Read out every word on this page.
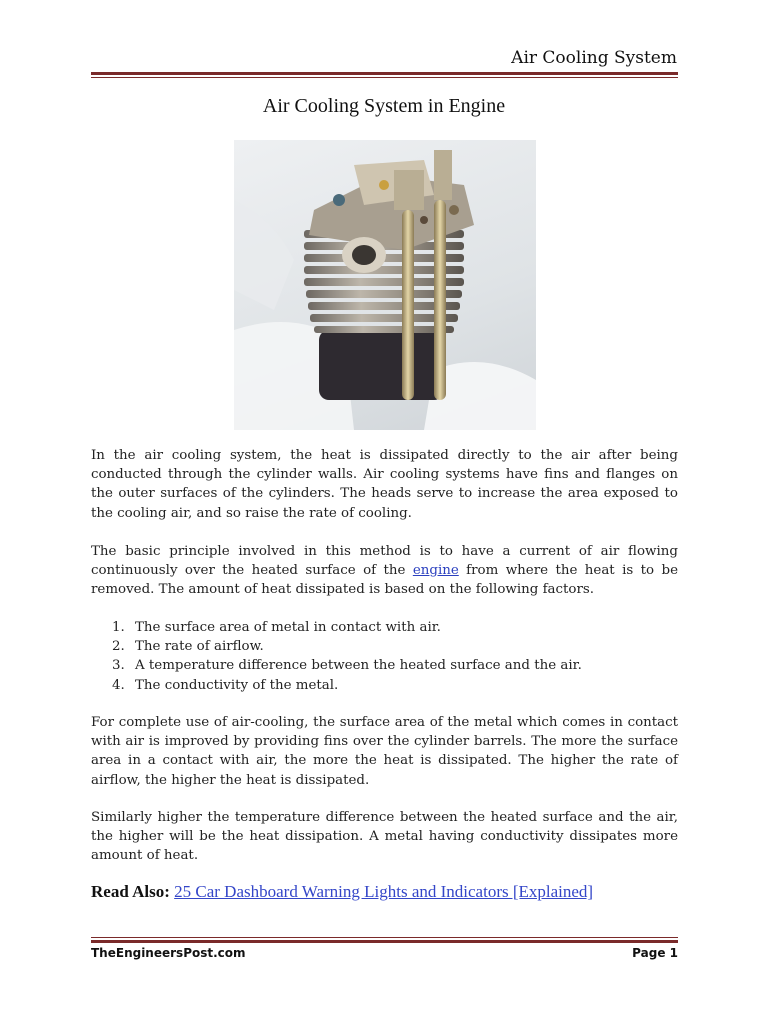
Air Cooling System
Air Cooling System in Engine

In the air cooling system, the heat is dissipated directly to the air after being conducted through the cylinder walls. Air cooling systems have fins and flanges on the outer surfaces of the cylinders. The heads serve to increase the area exposed to the cooling air, and so raise the rate of cooling.

The basic principle involved in this method is to have a current of air flowing continuously over the heated surface of the engine from where the heat is to be removed. The amount of heat dissipated is based on the following factors.

1. The surface area of metal in contact with air.
2. The rate of airflow.
3. A temperature difference between the heated surface and the air.
4. The conductivity of the metal.

For complete use of air-cooling, the surface area of the metal which comes in contact with air is improved by providing fins over the cylinder barrels. The more the surface area in a contact with air, the more the heat is dissipated. The higher the rate of airflow, the higher the heat is dissipated.

Similarly higher the temperature difference between the heated surface and the air, the higher will be the heat dissipation. A metal having conductivity dissipates more amount of heat.

Read Also: 25 Car Dashboard Warning Lights and Indicators [Explained]
TheEngineersPost.com	Page 1
